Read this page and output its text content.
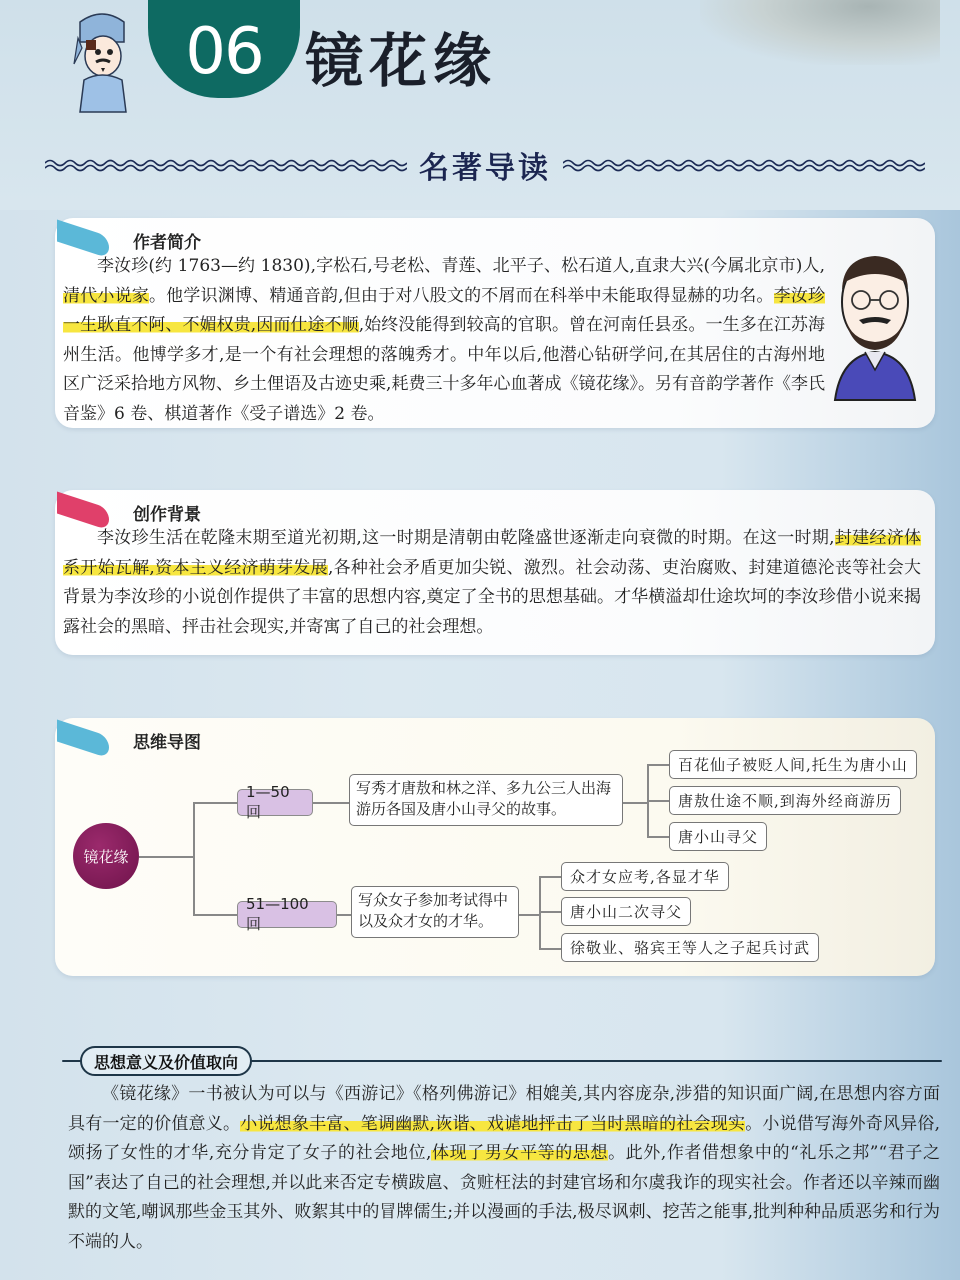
06 镜花缘
名著导读
作者简介

李汝珍(约 1763—约 1830),字松石,号老松、青莲、北平子、松石道人,直隶大兴(今属北京市)人,清代小说家。他学识渊博、精通音韵,但由于对八股文的不屑而在科举中未能取得显赫的功名。李汝珍一生耿直不阿、不媚权贵,因而仕途不顺,始终没能得到较高的官职。曾在河南任县丞。一生多在江苏海州生活。他博学多才,是一个有社会理想的落魄秀才。中年以后,他潜心钻研学问,在其居住的古海州地区广泛采拾地方风物、乡土俚语及古迹史乘,耗费三十多年心血著成《镜花缘》。另有音韵学著作《李氏音鉴》6 卷、棋道著作《受子谱选》2 卷。

创作背景

李汝珍生活在乾隆末期至道光初期,这一时期是清朝由乾隆盛世逐渐走向衰微的时期。在这一时期,封建经济体系开始瓦解,资本主义经济萌芽发展,各种社会矛盾更加尖锐、激烈。社会动荡、吏治腐败、封建道德沦丧等社会大背景为李汝珍的小说创作提供了丰富的思想内容,奠定了全书的思想基础。才华横溢却仕途坎坷的李汝珍借小说来揭露社会的黑暗、抨击社会现实,并寄寓了自己的社会理想。

思维导图
镜花缘
1—50 回
写秀才唐敖和林之洋、多九公三人出海游历各国及唐小山寻父的故事。
百花仙子被贬人间,托生为唐小山
唐敖仕途不顺,到海外经商游历
唐小山寻父
51—100 回
写众女子参加考试得中以及众才女的才华。
众才女应考,各显才华
唐小山二次寻父
徐敬业、骆宾王等人之子起兵讨武
思想意义及价值取向

《镜花缘》一书被认为可以与《西游记》《格列佛游记》相媲美,其内容庞杂,涉猎的知识面广阔,在思想内容方面具有一定的价值意义。小说想象丰富、笔调幽默,诙谐、戏谑地抨击了当时黑暗的社会现实。小说借写海外奇风异俗,颂扬了女性的才华,充分肯定了女子的社会地位,体现了男女平等的思想。此外,作者借想象中的“礼乐之邦”“君子之国”表达了自己的社会理想,并以此来否定专横跋扈、贪赃枉法的封建官场和尔虞我诈的现实社会。作者还以辛辣而幽默的文笔,嘲讽那些金玉其外、败絮其中的冒牌儒生;并以漫画的手法,极尽讽刺、挖苦之能事,批判种种品质恶劣和行为不端的人。
